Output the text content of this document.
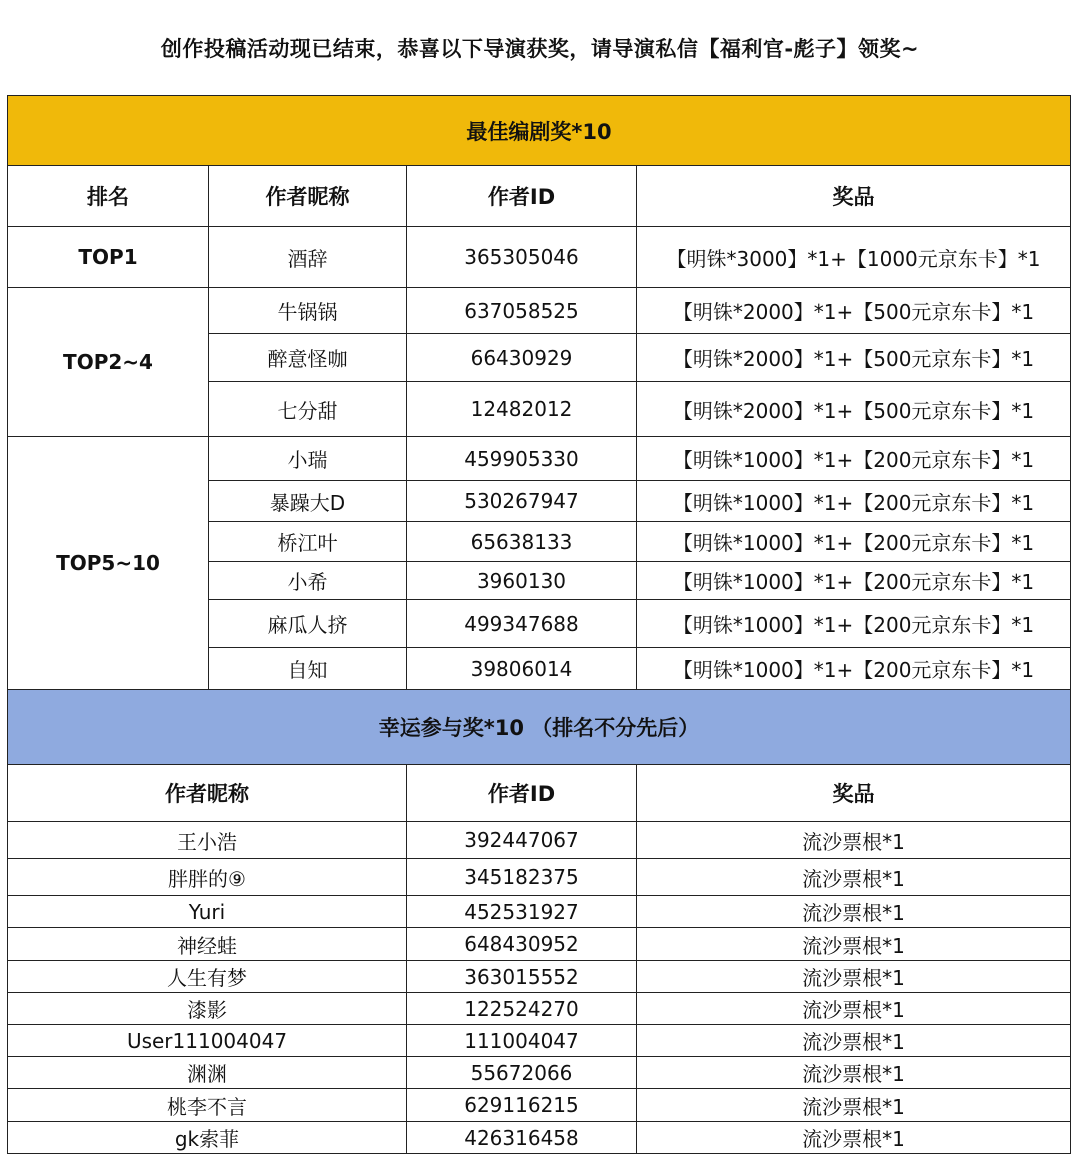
创作投稿活动现已结束，恭喜以下导演获奖，请导演私信【福利官-彪子】领奖~
最佳编剧奖*10			
排名	作者昵称	作者ID	奖品
TOP1	酒辞	365305046	【明铢*3000】*1+【1000元京东卡】*1
TOP2~4	牛锅锅	637058525	【明铢*2000】*1+【500元京东卡】*1
	醉意怪咖	66430929	【明铢*2000】*1+【500元京东卡】*1
	七分甜	12482012	【明铢*2000】*1+【500元京东卡】*1
TOP5~10	小瑞	459905330	【明铢*1000】*1+【200元京东卡】*1
	暴躁大D	530267947	【明铢*1000】*1+【200元京东卡】*1
	桥江叶	65638133	【明铢*1000】*1+【200元京东卡】*1
	小希	3960130	【明铢*1000】*1+【200元京东卡】*1
	麻瓜人挤	499347688	【明铢*1000】*1+【200元京东卡】*1
	自知	39806014	【明铢*1000】*1+【200元京东卡】*1
幸运参与奖*10 （排名不分先后）		
作者昵称	作者ID	奖品
王小浩	392447067	流沙票根*1
胖胖的⑨	345182375	流沙票根*1
Yuri	452531927	流沙票根*1
神经蛙	648430952	流沙票根*1
人生有梦	363015552	流沙票根*1
漆影	122524270	流沙票根*1
User111004047	111004047	流沙票根*1
渊渊	55672066	流沙票根*1
桃李不言	629116215	流沙票根*1
gk索菲	426316458	流沙票根*1
